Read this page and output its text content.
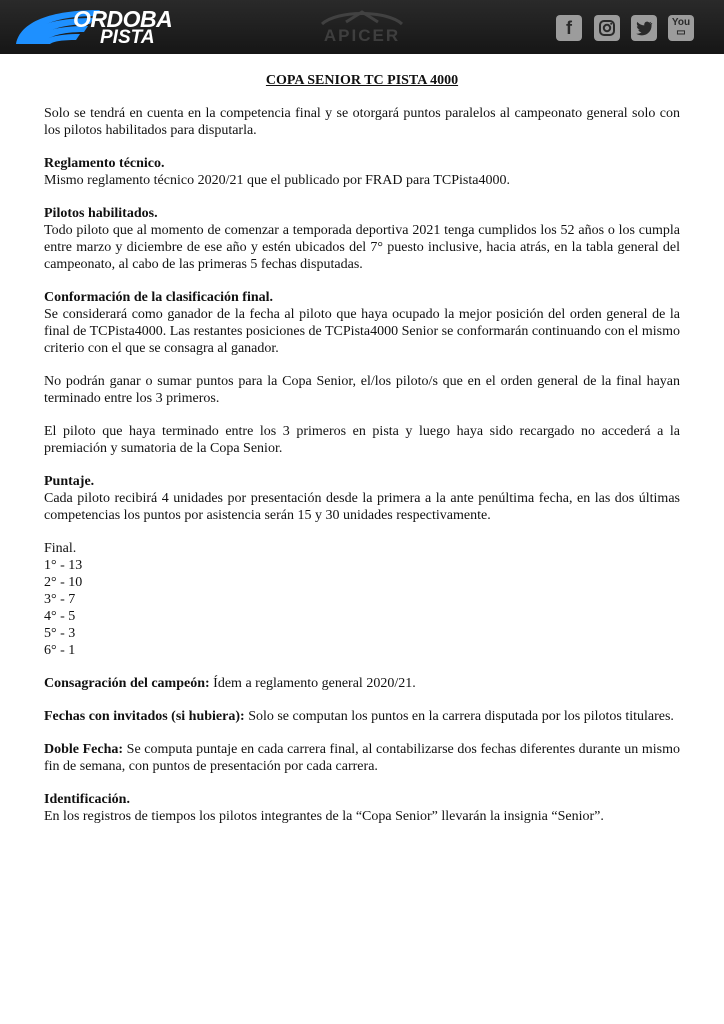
ORDOBA

PISTA	APICER	f	You
▭

COPA SENIOR TC PISTA 4000

Solo se tendrá en cuenta en la competencia final y se otorgará puntos paralelos al campeonato general solo con los pilotos habilitados para disputarla.

Reglamento técnico.
Mismo reglamento técnico 2020/21 que el publicado por FRAD para TCPista4000.

Pilotos habilitados.
Todo piloto que al momento de comenzar a temporada deportiva 2021 tenga cumplidos los 52 años o los cumpla entre marzo y diciembre de ese año y estén ubicados del 7° puesto inclusive, hacia atrás, en la tabla general del campeonato, al cabo de las primeras 5 fechas disputadas.

Conformación de la clasificación final.
Se considerará como ganador de la fecha al piloto que haya ocupado la mejor posición del orden general de la final de TCPista4000. Las restantes posiciones de TCPista4000 Senior se conformarán continuando con el mismo criterio con el que se consagra al ganador.

No podrán ganar o sumar puntos para la Copa Senior, el/los piloto/s que en el orden general de la final hayan terminado entre los 3 primeros.

El piloto que haya terminado entre los 3 primeros en pista y luego haya sido recargado no accederá a la premiación y sumatoria de la Copa Senior.

Puntaje.
Cada piloto recibirá 4 unidades por presentación desde la primera a la ante penúltima fecha, en las dos últimas competencias los puntos por asistencia serán 15 y 30 unidades respectivamente.

Final.
1° - 13
2° - 10
3° - 7
4° - 5
5° - 3
6° - 1

Consagración del campeón: Ídem a reglamento general 2020/21.

Fechas con invitados (si hubiera): Solo se computan los puntos en la carrera disputada por los pilotos titulares.

Doble Fecha: Se computa puntaje en cada carrera final, al contabilizarse dos fechas diferentes durante un mismo fin de semana, con puntos de presentación por cada carrera.

Identificación.
En los registros de tiempos los pilotos integrantes de la “Copa Senior” llevarán la insignia “Senior”.
